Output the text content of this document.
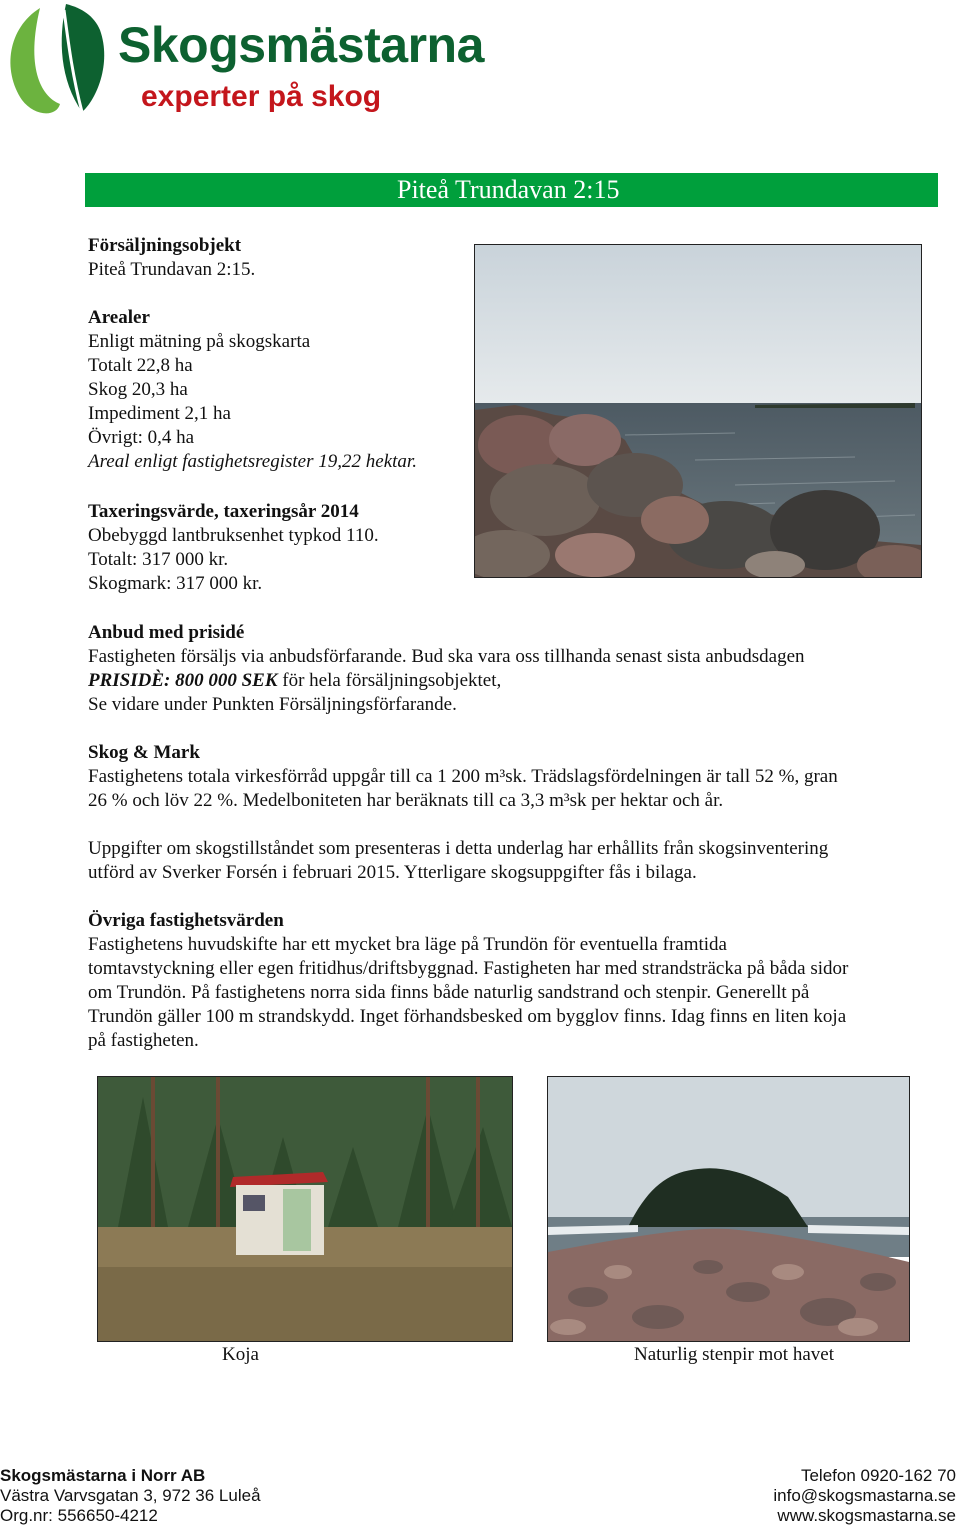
Skogsmästarna
experter på skog
Piteå Trundavan 2:15

Försäljningsobjekt

Piteå Trundavan 2:15.

Arealer

Enligt mätning på skogskarta

Totalt 22,8 ha

Skog 20,3 ha

Impediment 2,1 ha

Övrigt: 0,4 ha

Areal enligt fastighetsregister 19,22 hektar.

Taxeringsvärde, taxeringsår 2014

Obebyggd lantbruksenhet typkod 110.

Totalt: 317 000 kr.

Skogmark: 317 000 kr.

Anbud med prisidé

Fastigheten försäljs via anbudsförfarande. Bud ska vara oss tillhanda senast sista anbudsdagen

PRISIDÈ: 800 000 SEK för hela försäljningsobjektet,

Se vidare under Punkten Försäljningsförfarande.

Skog & Mark

Fastighetens totala virkesförråd uppgår till ca 1 200 m³sk. Trädslagsfördelningen är tall 52 %, gran

26 % och löv 22 %. Medelboniteten har beräknats till ca 3,3 m³sk per hektar och år.

Uppgifter om skogstillståndet som presenteras i detta underlag har erhållits från skogsinventering

utförd av Sverker Forsén i februari 2015. Ytterligare skogsuppgifter fås i bilaga.

Övriga fastighetsvärden

Fastighetens huvudskifte har ett mycket bra läge på Trundön för eventuella framtida

tomtavstyckning eller egen fritidhus/driftsbyggnad. Fastigheten har med strandsträcka på båda sidor

om Trundön. På fastighetens norra sida finns både naturlig sandstrand och stenpir. Generellt på

Trundön gäller 100 m strandskydd. Inget förhandsbesked om bygglov finns. Idag finns en liten koja

på fastigheten.

Koja	Naturlig stenpir mot havet

Skogsmästarna i Norr AB

Västra Varvsgatan 3, 972 36 Luleå

Org.nr: 556650-4212

Telefon 0920-162 70

info@skogsmastarna.se

www.skogsmastarna.se
